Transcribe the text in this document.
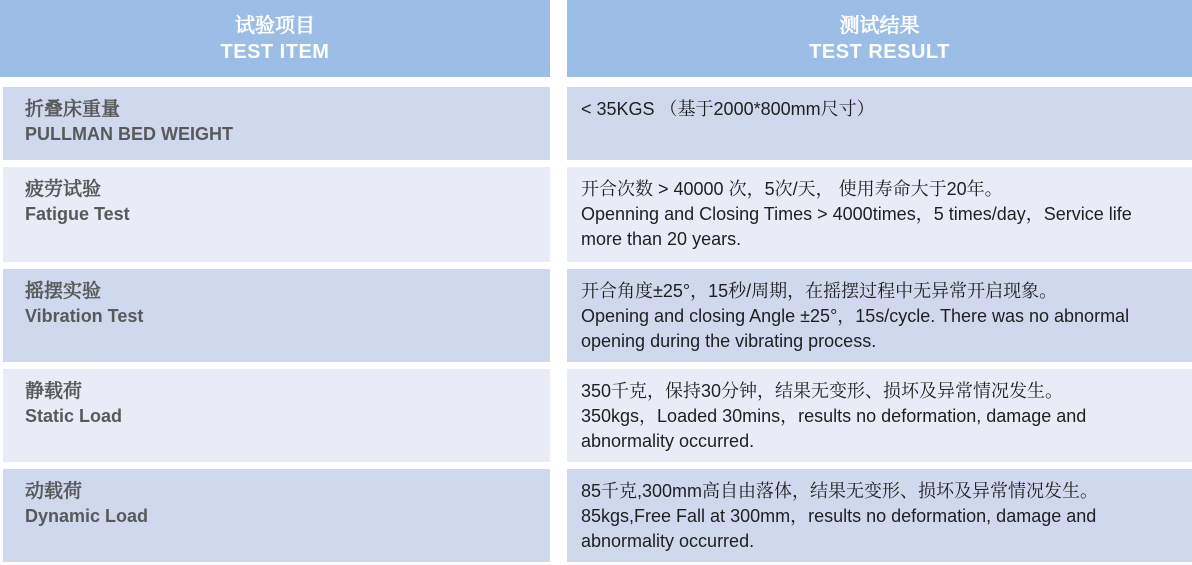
试验项目
TEST ITEM
测试结果
TEST RESULT
折叠床重量
PULLMAN BED WEIGHT
< 35KGS （基于2000*800mm尺寸）
疲劳试验
Fatigue Test
开合次数 > 40000 次，5次/天， 使用寿命大于20年。
Openning and Closing Times > 4000times，5 times/day，Service life more than 20 years.
摇摆实验
Vibration Test
开合角度±25°，15秒/周期，在摇摆过程中无异常开启现象。
Opening and closing Angle ±25°，15s/cycle. There was no abnormal opening during the vibrating process.
静载荷
Static Load
350千克，保持30分钟，结果无变形、损坏及异常情况发生。
350kgs，Loaded 30mins，results no deformation, damage and abnormality occurred.
动载荷
Dynamic Load
85千克,300mm高自由落体，结果无变形、损坏及异常情况发生。
85kgs,Free Fall at 300mm，results no deformation, damage and abnormality occurred.
